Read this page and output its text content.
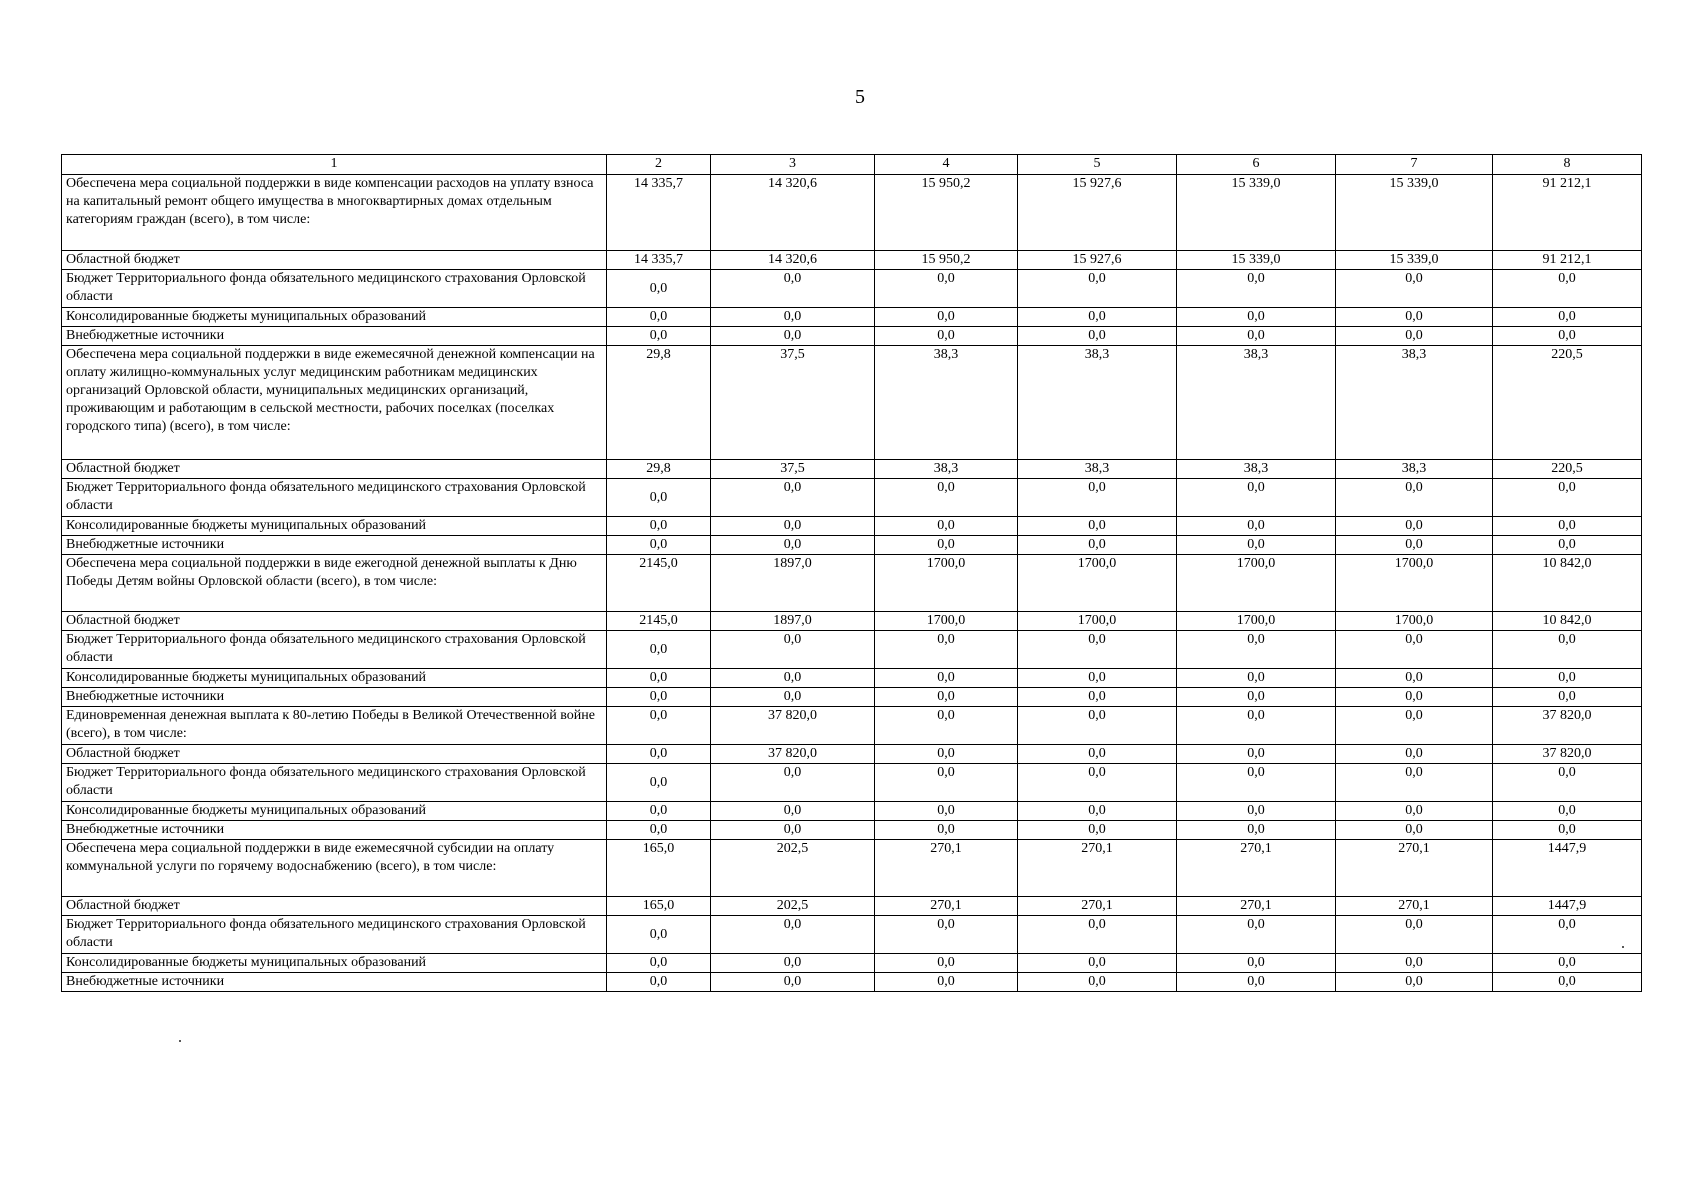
5
1	2	3	4	5	6	7	8
Обеспечена мера социальной поддержки в виде компенсации расходов на уплату взноса на капитальный ремонт общего имущества в многоквартирных домах отдельным категориям граждан (всего), в том числе:	14 335,7	14 320,6	15 950,2	15 927,6	15 339,0	15 339,0	91 212,1
Областной бюджет	14 335,7	14 320,6	15 950,2	15 927,6	15 339,0	15 339,0	91 212,1
Бюджет Территориального фонда обязательного медицинского страхования Орловской области	0,0	0,0	0,0	0,0	0,0	0,0	0,0
Консолидированные бюджеты муниципальных образований	0,0	0,0	0,0	0,0	0,0	0,0	0,0
Внебюджетные источники	0,0	0,0	0,0	0,0	0,0	0,0	0,0
Обеспечена мера социальной поддержки в виде ежемесячной денежной компенсации на оплату жилищно-коммунальных услуг медицинским работникам медицинских организаций Орловской области, муниципальных медицинских организаций, проживающим и работающим в сельской местности, рабочих поселках (поселках городского типа) (всего), в том числе:	29,8	37,5	38,3	38,3	38,3	38,3	220,5
Областной бюджет	29,8	37,5	38,3	38,3	38,3	38,3	220,5
Бюджет Территориального фонда обязательного медицинского страхования Орловской области	0,0	0,0	0,0	0,0	0,0	0,0	0,0
Консолидированные бюджеты муниципальных образований	0,0	0,0	0,0	0,0	0,0	0,0	0,0
Внебюджетные источники	0,0	0,0	0,0	0,0	0,0	0,0	0,0
Обеспечена мера социальной поддержки в виде ежегодной денежной выплаты к Дню Победы Детям войны Орловской области (всего), в том числе:	2145,0	1897,0	1700,0	1700,0	1700,0	1700,0	10 842,0
Областной бюджет	2145,0	1897,0	1700,0	1700,0	1700,0	1700,0	10 842,0
Бюджет Территориального фонда обязательного медицинского страхования Орловской области	0,0	0,0	0,0	0,0	0,0	0,0	0,0
Консолидированные бюджеты муниципальных образований	0,0	0,0	0,0	0,0	0,0	0,0	0,0
Внебюджетные источники	0,0	0,0	0,0	0,0	0,0	0,0	0,0
Единовременная денежная выплата к 80-летию Победы в Великой Отечественной войне (всего), в том числе:	0,0	37 820,0	0,0	0,0	0,0	0,0	37 820,0
Областной бюджет	0,0	37 820,0	0,0	0,0	0,0	0,0	37 820,0
Бюджет Территориального фонда обязательного медицинского страхования Орловской области	0,0	0,0	0,0	0,0	0,0	0,0	0,0
Консолидированные бюджеты муниципальных образований	0,0	0,0	0,0	0,0	0,0	0,0	0,0
Внебюджетные источники	0,0	0,0	0,0	0,0	0,0	0,0	0,0
Обеспечена мера социальной поддержки в виде ежемесячной субсидии на оплату коммунальной услуги по горячему водоснабжению (всего), в том числе:	165,0	202,5	270,1	270,1	270,1	270,1	1447,9
Областной бюджет	165,0	202,5	270,1	270,1	270,1	270,1	1447,9
Бюджет Территориального фонда обязательного медицинского страхования Орловской области	0,0	0,0	0,0	0,0	0,0	0,0	0,0
Консолидированные бюджеты муниципальных образований	0,0	0,0	0,0	0,0	0,0	0,0	0,0
Внебюджетные источники	0,0	0,0	0,0	0,0	0,0	0,0	0,0
